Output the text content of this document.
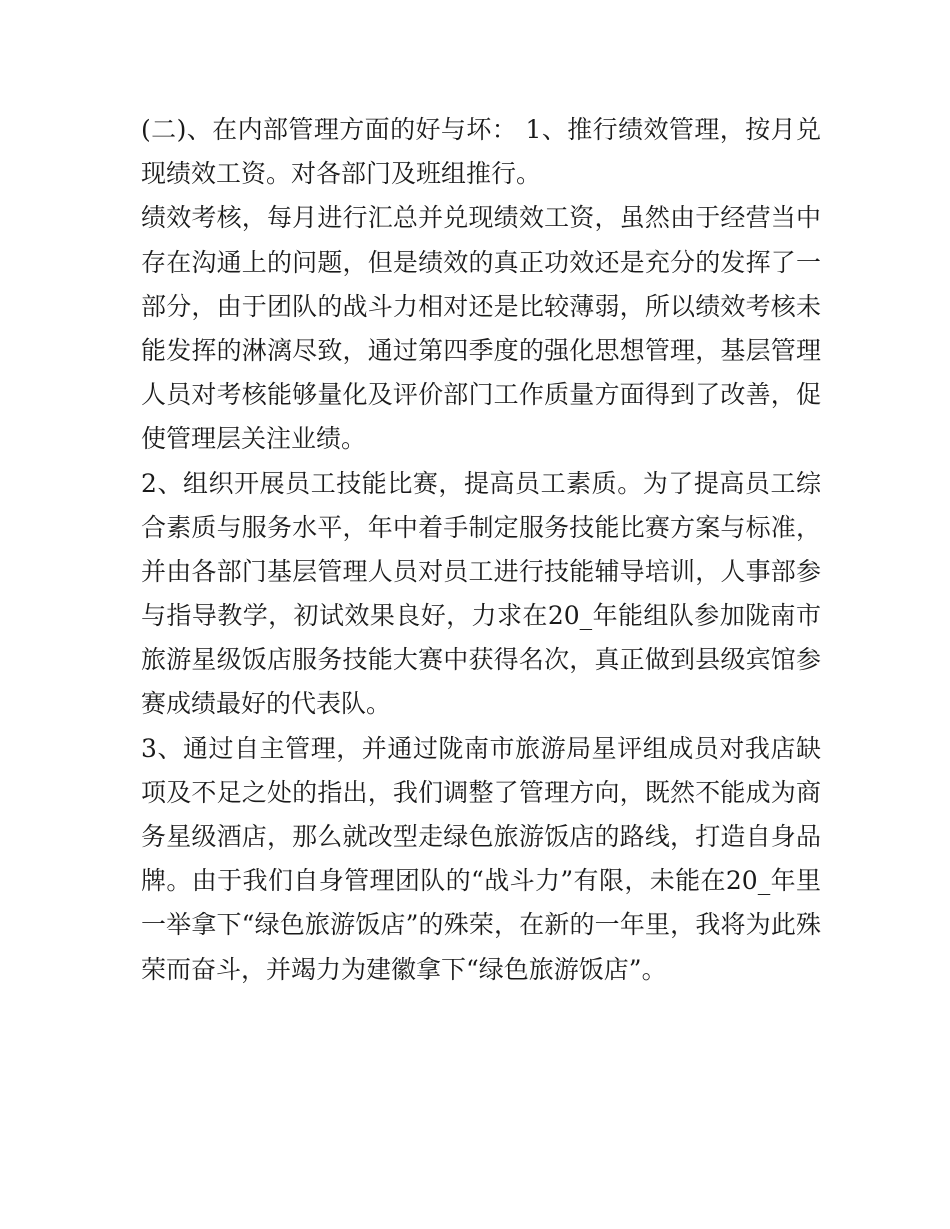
(二)、在内部管理方面的好与坏： 1、推行绩效管理，按月兑
现绩效工资。对各部门及班组推行。
绩效考核，每月进行汇总并兑现绩效工资，虽然由于经营当中
存在沟通上的问题，但是绩效的真正功效还是充分的发挥了一
部分，由于团队的战斗力相对还是比较薄弱，所以绩效考核未
能发挥的淋漓尽致，通过第四季度的强化思想管理，基层管理
人员对考核能够量化及评价部门工作质量方面得到了改善，促
使管理层关注业绩。
2、组织开展员工技能比赛，提高员工素质。为了提高员工综
合素质与服务水平，年中着手制定服务技能比赛方案与标准，
并由各部门基层管理人员对员工进行技能辅导培训，人事部参
与指导教学，初试效果良好，力求在20_年能组队参加陇南市
旅游星级饭店服务技能大赛中获得名次，真正做到县级宾馆参
赛成绩最好的代表队。
3、通过自主管理，并通过陇南市旅游局星评组成员对我店缺
项及不足之处的指出，我们调整了管理方向，既然不能成为商
务星级酒店，那么就改型走绿色旅游饭店的路线，打造自身品
牌。由于我们自身管理团队的“战斗力”有限，未能在20_年里
一举拿下“绿色旅游饭店”的殊荣，在新的一年里，我将为此殊
荣而奋斗，并竭力为建徽拿下“绿色旅游饭店”。
